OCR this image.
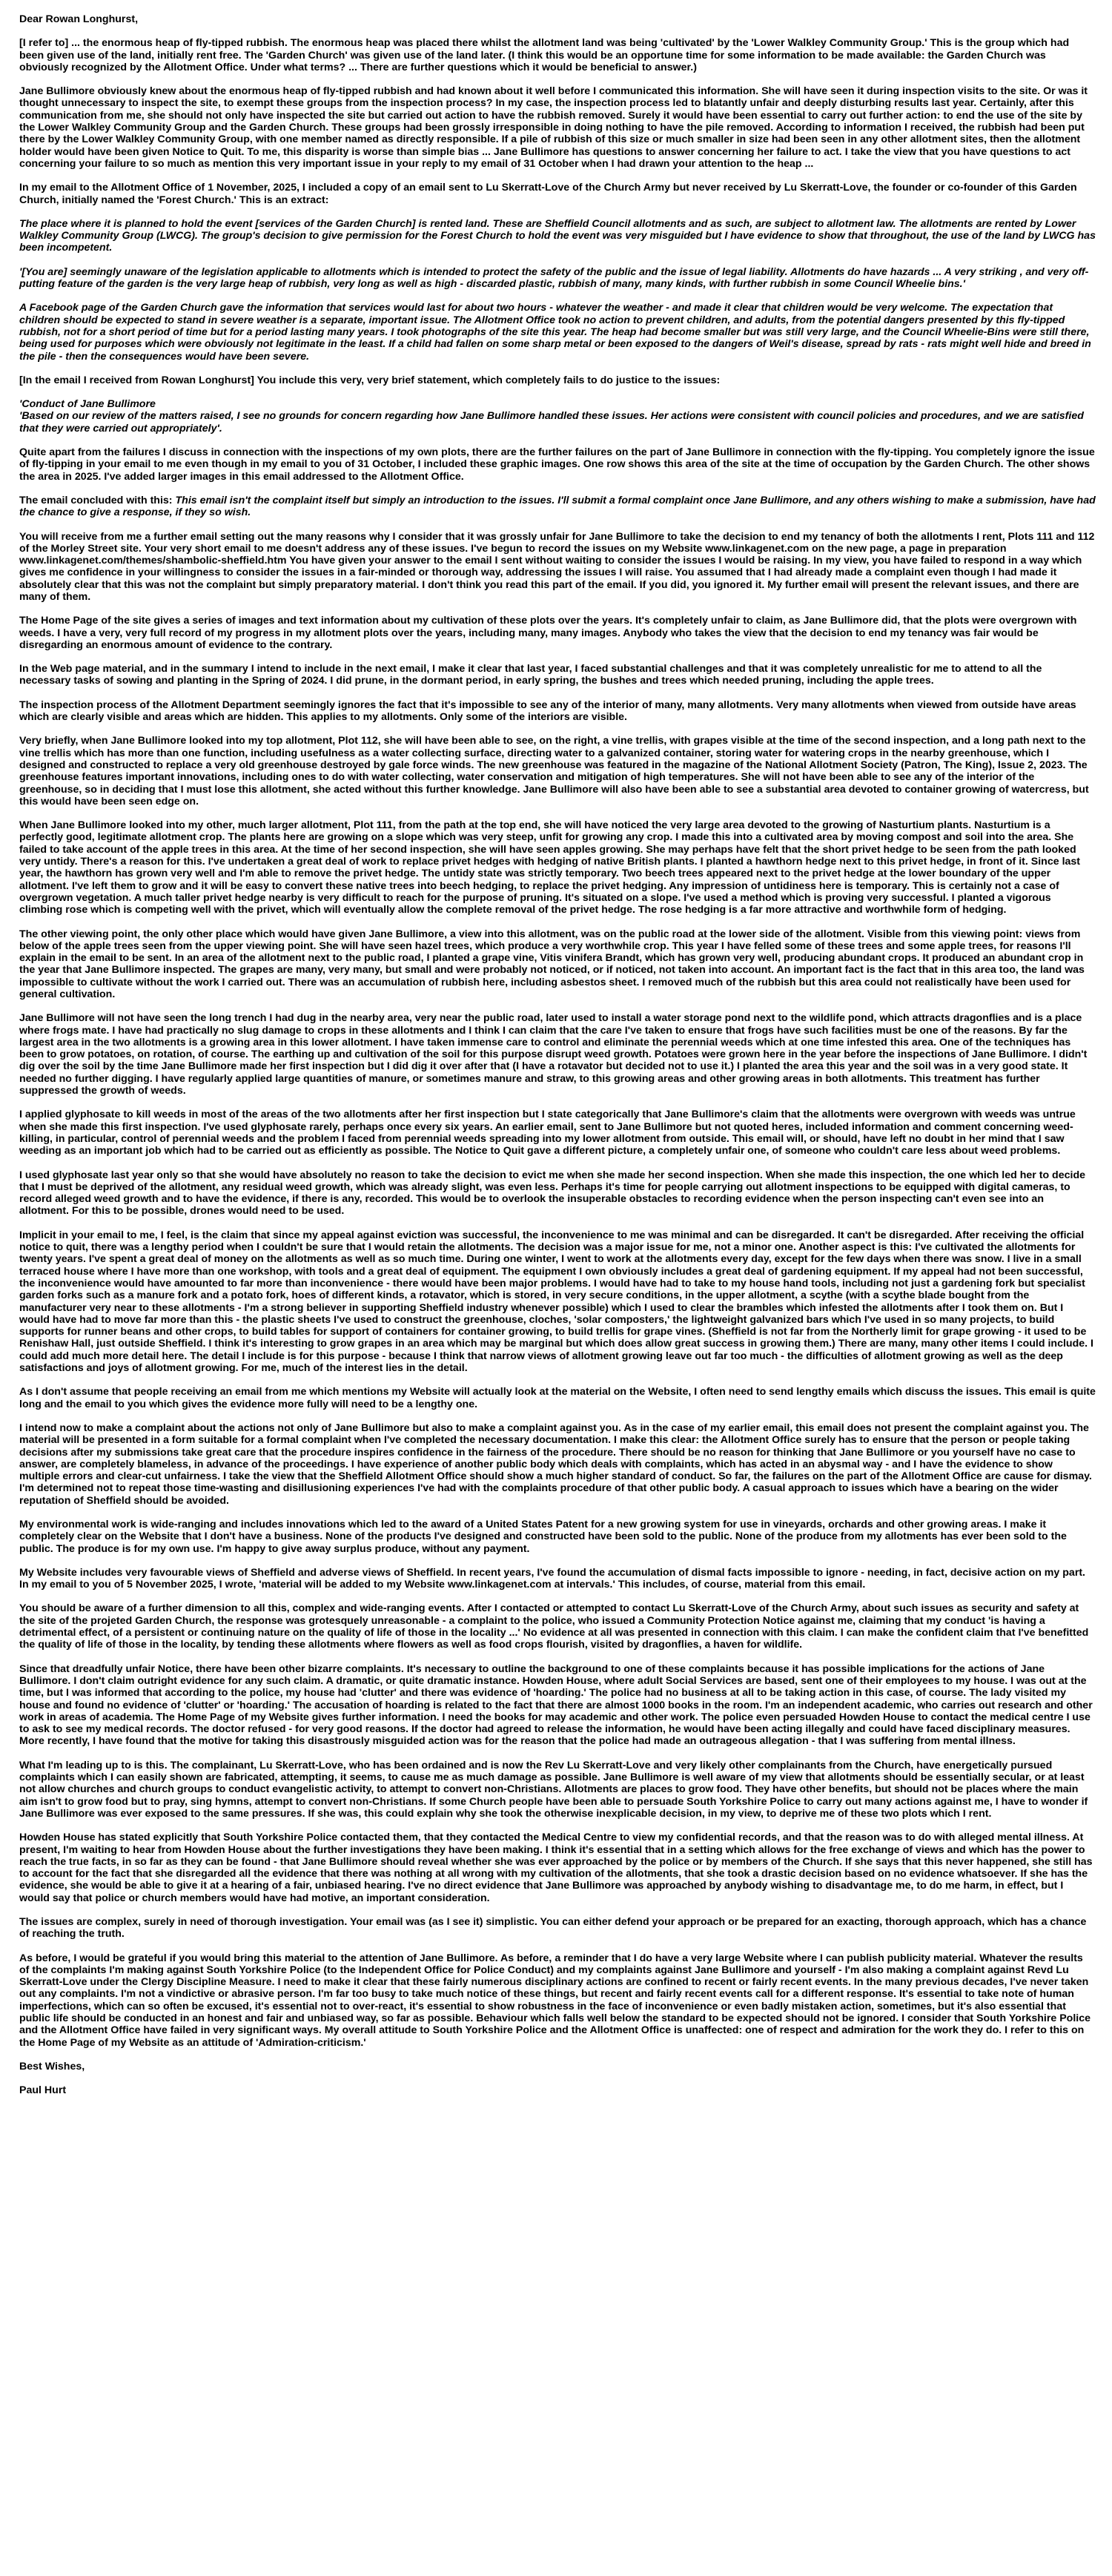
Dear Rowan Longhurst,

[I refer to] ... the enormous heap of fly-tipped rubbish. The enormous heap was placed there whilst the allotment land was being 'cultivated' by the 'Lower Walkley Community Group.' This is the group which had been given use of the land, initially rent free. The 'Garden Church' was given use of the land later. (I think this would be an opportune time for some information to be made available: the Garden Church was obviously recognized by the Allotment Office. Under what terms? ... There are further questions which it would be beneficial to answer.)

Jane Bullimore obviously knew about the enormous heap of fly-tipped rubbish and had known about it well before I communicated this information. She will have seen it during inspection visits to the site. Or was it thought unnecessary to inspect the site, to exempt these groups from the inspection process? In my case, the inspection process led to blatantly unfair and deeply disturbing results last year. Certainly, after this communication from me, she should not only have inspected the site but carried out action to have the rubbish removed. Surely it would have been essential to carry out further action: to end the use of the site by the Lower Walkley Community Group and the Garden Church. These groups had been grossly irresponsible in doing nothing to have the pile removed. According to information I received, the rubbish had been put there by the Lower Walkley Community Group, with one member named as directly responsible. If a pile of rubbish of this size or much smaller in size had been seen in any other allotment sites, then the allotment holder would have been given Notice to Quit. To me, this disparity is worse than simple bias ... Jane Bullimore has questions to answer concerning her failure to act. I take the view that you have questions to act concerning your failure to so much as mention this very important issue in your reply to my email of 31 October when I had drawn your attention to the heap ...

In my email to the Allotment Office of 1 November, 2025, I included a copy of an email sent to Lu Skerratt-Love of the Church Army but never received by Lu Skerratt-Love, the founder or co-founder of this Garden Church, initially named the 'Forest Church.' This is an extract:

The place where it is planned to hold the event [services of the Garden Church] is rented land. These are Sheffield Council allotments and as such, are subject to allotment law. The allotments are rented by Lower Walkley Community Group (LWCG). The group's decision to give permission for the Forest Church to hold the event was very misguided but I have evidence to show that throughout, the use of the land by LWCG has been incompetent.

'[You are] seemingly unaware of the legislation applicable to allotments which is intended to protect the safety of the public and the issue of legal liability. Allotments do have hazards ... A very striking , and very off-putting feature of the garden is the very large heap of rubbish, very long as well as high - discarded plastic, rubbish of many, many kinds, with further rubbish in some Council Wheelie bins.'

A Facebook page of the Garden Church gave the information that services would last for about two hours - whatever the weather - and made it clear that children would be very welcome. The expectation that children should be expected to stand in severe weather is a separate, important issue. The Allotment Office took no action to prevent children, and adults, from the potential dangers presented by this fly-tipped rubbish, not for a short period of time but for a period lasting many years. I took photographs of the site this year. The heap had become smaller but was still very large, and the Council Wheelie-Bins were still there, being used for purposes which were obviously not legitimate in the least. If a child had fallen on some sharp metal or been exposed to the dangers of Weil's disease, spread by rats - rats might well hide and breed in the pile - then the consequences would have been severe.

[In the email I received from Rowan Longhurst] You include this very, very brief statement, which completely fails to do justice to the issues:

'Conduct of Jane Bullimore

'Based on our review of the matters raised, I see no grounds for concern regarding how Jane Bullimore handled these issues. Her actions were consistent with council policies and procedures, and we are satisfied that they were carried out appropriately'.

Quite apart from the failures I discuss in connection with the inspections of my own plots, there are the further failures on the part of Jane Bullimore in connection with the fly-tipping. You completely ignore the issue of fly-tipping in your email to me even though in my email to you of 31 October, I included these graphic images. One row shows this area of the site at the time of occupation by the Garden Church. The other shows the area in 2025. I've added larger images in this email addressed to the Allotment Office.

The email concluded with this: This email isn't the complaint itself but simply an introduction to the issues. I'll submit a formal complaint once Jane Bullimore, and any others wishing to make a submission, have had the chance to give a response, if they so wish.

You will receive from me a further email setting out the many reasons why I consider that it was grossly unfair for Jane Bullimore to take the decision to end my tenancy of both the allotments I rent, Plots 111 and 112 of the Morley Street site. Your very short email to me doesn't address any of these issues. I've begun to record the issues on my Website www.linkagenet.com on the new page, a page in preparation www.linkagenet.com/themes/shambolic-sheffield.htm You have given your answer to the email I sent without waiting to consider the issues I would be raising. In my view, you have failed to respond in a way which gives me confidence in your willingness to consider the issues in a fair-minded or thorough way, addressing the issues I will raise. You assumed that I had already made a complaint even though I had made it absolutely clear that this was not the complaint but simply preparatory material. I don't think you read this part of the email. If you did, you ignored it. My further email will present the relevant issues, and there are many of them.

The Home Page of the site gives a series of images and text information about my cultivation of these plots over the years. It's completely unfair to claim, as Jane Bullimore did, that the plots were overgrown with weeds. I have a very, very full record of my progress in my allotment plots over the years, including many, many images. Anybody who takes the view that the decision to end my tenancy was fair would be disregarding an enormous amount of evidence to the contrary.

In the Web page material, and in the summary I intend to include in the next email, I make it clear that last year, I faced substantial challenges and that it was completely unrealistic for me to attend to all the necessary tasks of sowing and planting in the Spring of 2024. I did prune, in the dormant period, in early spring, the bushes and trees which needed pruning, including the apple trees.

The inspection process of the Allotment Department seemingly ignores the fact that it's impossible to see any of the interior of many, many allotments. Very many allotments when viewed from outside have areas which are clearly visible and areas which are hidden. This applies to my allotments. Only some of the interiors are visible.

Very briefly, when Jane Bullimore looked into my top allotment, Plot 112, she will have been able to see, on the right, a vine trellis, with grapes visible at the time of the second inspection, and a long path next to the vine trellis which has more than one function, including usefulness as a water collecting surface, directing water to a galvanized container, storing water for watering crops in the nearby greenhouse, which I designed and constructed to replace a very old greenhouse destroyed by gale force winds. The new greenhouse was featured in the magazine of the National Allotment Society (Patron, The King), Issue 2, 2023. The greenhouse features important innovations, including ones to do with water collecting, water conservation and mitigation of high temperatures. She will not have been able to see any of the interior of the greenhouse, so in deciding that I must lose this allotment, she acted without this further knowledge. Jane Bullimore will also have been able to see a substantial area devoted to container growing of watercress, but this would have been seen edge on.

When Jane Bullimore looked into my other, much larger allotment, Plot 111, from the path at the top end, she will have noticed the very large area devoted to the growing of Nasturtium plants. Nasturtium is a perfectly good, legitimate allotment crop. The plants here are growing on a slope which was very steep, unfit for growing any crop. I made this into a cultivated area by moving compost and soil into the area. She failed to take account of the apple trees in this area. At the time of her second inspection, she will have seen apples growing. She may perhaps have felt that the short privet hedge to be seen from the path looked very untidy. There's a reason for this. I've undertaken a great deal of work to replace privet hedges with hedging of native British plants. I planted a hawthorn hedge next to this privet hedge, in front of it. Since last year, the hawthorn has grown very well and I'm able to remove the privet hedge. The untidy state was strictly temporary. Two beech trees appeared next to the privet hedge at the lower boundary of the upper allotment. I've left them to grow and it will be easy to convert these native trees into beech hedging, to replace the privet hedging. Any impression of untidiness here is temporary. This is certainly not a case of overgrown vegetation. A much taller privet hedge nearby is very difficult to reach for the purpose of pruning. It's situated on a slope. I've used a method which is proving very successful. I planted a vigorous climbing rose which is competing well with the privet, which will eventually allow the complete removal of the privet hedge. The rose hedging is a far more attractive and worthwhile form of hedging.

The other viewing point, the only other place which would have given Jane Bullimore, a view into this allotment, was on the public road at the lower side of the allotment. Visible from this viewing point: views from below of the apple trees seen from the upper viewing point. She will have seen hazel trees, which produce a very worthwhile crop. This year I have felled some of these trees and some apple trees, for reasons I'll explain in the email to be sent. In an area of the allotment next to the public road, I planted a grape vine, Vitis vinifera Brandt, which has grown very well, producing abundant crops. It produced an abundant crop in the year that Jane Bullimore inspected. The grapes are many, very many, but small and were probably not noticed, or if noticed, not taken into account. An important fact is the fact that in this area too, the land was impossible to cultivate without the work I carried out. There was an accumulation of rubbish here, including asbestos sheet. I removed much of the rubbish but this area could not realistically have been used for general cultivation.

Jane Bullimore will not have seen the long trench I had dug in the nearby area, very near the public road, later used to install a water storage pond next to the wildlife pond, which attracts dragonflies and is a place where frogs mate. I have had practically no slug damage to crops in these allotments and I think I can claim that the care I've taken to ensure that frogs have such facilities must be one of the reasons. By far the largest area in the two allotments is a growing area in this lower allotment. I have taken immense care to control and eliminate the perennial weeds which at one time infested this area. One of the techniques has been to grow potatoes, on rotation, of course. The earthing up and cultivation of the soil for this purpose disrupt weed growth. Potatoes were grown here in the year before the inspections of Jane Bullimore. I didn't dig over the soil by the time Jane Bullimore made her first inspection but I did dig it over after that (I have a rotavator but decided not to use it.) I planted the area this year and the soil was in a very good state. It needed no further digging. I have regularly applied large quantities of manure, or sometimes manure and straw, to this growing areas and other growing areas in both allotments. This treatment has further suppressed the growth of weeds.

I applied glyphosate to kill weeds in most of the areas of the two allotments after her first inspection but I state categorically that Jane Bullimore's claim that the allotments were overgrown with weeds was untrue when she made this first inspection. I've used glyphosate rarely, perhaps once every six years. An earlier email, sent to Jane Bullimore but not quoted heres, included information and comment concerning weed-killing, in particular, control of perennial weeds and the problem I faced from perennial weeds spreading into my lower allotment from outside. This email will, or should, have left no doubt in her mind that I saw weeding as an important job which had to be carried out as efficiently as possible. The Notice to Quit gave a different picture, a completely unfair one, of someone who couldn't care less about weed problems.

I used glyphosate last year only so that she would have absolutely no reason to take the decision to evict me when she made her second inspection. When she made this inspection, the one which led her to decide that I must be deprived of the allotment, any residual weed growth, which was already slight, was even less. Perhaps it's time for people carrying out allotment inspections to be equipped with digital cameras, to record alleged weed growth and to have the evidence, if there is any, recorded. This would be to overlook the insuperable obstacles to recording evidence when the person inspecting can't even see into an allotment. For this to be possible, drones would need to be used.

Implicit in your email to me, I feel, is the claim that since my appeal against eviction was successful, the inconvenience to me was minimal and can be disregarded. It can't be disregarded. After receiving the official notice to quit, there was a lengthy period when I couldn't be sure that I would retain the allotments. The decision was a major issue for me, not a minor one. Another aspect is this: I've cultivated the allotments for twenty years. I've spent a great deal of money on the allotments as well as so much time. During one winter, I went to work at the allotments every day, except for the few days when there was snow. I live in a small terraced house where I have more than one workshop, with tools and a great deal of equipment. The equipment I own obviously includes a great deal of gardening equipment. If my appeal had not been successful, the inconvenience would have amounted to far more than inconvenience - there would have been major problems. I would have had to take to my house hand tools, including not just a gardening fork but specialist garden forks such as a manure fork and a potato fork, hoes of different kinds, a rotavator, which is stored, in very secure conditions, in the upper allotment, a scythe (with a scythe blade bought from the manufacturer very near to these allotments - I'm a strong believer in supporting Sheffield industry whenever possible) which I used to clear the brambles which infested the allotments after I took them on. But I would have had to move far more than this - the plastic sheets I've used to construct the greenhouse, cloches, 'solar composters,' the lightweight galvanized bars which I've used in so many projects, to build supports for runner beans and other crops, to build tables for support of containers for container growing, to build trellis for grape vines. (Sheffield is not far from the Northerly limit for grape growing - it used to be Renishaw Hall, just outside Sheffield. I think it's interesting to grow grapes in an area which may be marginal but which does allow great success in growing them.) There are many, many other items I could include. I could add much more detail here. The detail I include is for this purpose - because I think that narrow views of allotment growing leave out far too much - the difficulties of allotment growing as well as the deep satisfactions and joys of allotment growing. For me, much of the interest lies in the detail.

As I don't assume that people receiving an email from me which mentions my Website will actually look at the material on the Website, I often need to send lengthy emails which discuss the issues. This email is quite long and the email to you which gives the evidence more fully will need to be a lengthy one.

I intend now to make a complaint about the actions not only of Jane Bullimore but also to make a complaint against you. As in the case of my earlier email, this email does not present the complaint against you. The material will be presented in a form suitable for a formal complaint when I've completed the necessary documentation. I make this clear: the Allotment Office surely has to ensure that the person or people taking decisions after my submissions take great care that the procedure inspires confidence in the fairness of the procedure. There should be no reason for thinking that Jane Bullimore or you yourself have no case to answer, are completely blameless, in advance of the proceedings. I have experience of another public body which deals with complaints, which has acted in an abysmal way - and I have the evidence to show multiple errors and clear-cut unfairness. I take the view that the Sheffield Allotment Office should show a much higher standard of conduct. So far, the failures on the part of the Allotment Office are cause for dismay. I'm determined not to repeat those time-wasting and disillusioning experiences I've had with the complaints procedure of that other public body. A casual approach to issues which have a bearing on the wider reputation of Sheffield should be avoided.

My environmental work is wide-ranging and includes innovations which led to the award of a United States Patent for a new growing system for use in vineyards, orchards and other growing areas. I make it completely clear on the Website that I don't have a business. None of the products I've designed and constructed have been sold to the public. None of the produce from my allotments has ever been sold to the public. The produce is for my own use. I'm happy to give away surplus produce, without any payment.

My Website includes very favourable views of Sheffield and adverse views of Sheffield. In recent years, I've found the accumulation of dismal facts impossible to ignore - needing, in fact, decisive action on my part. In my email to you of 5 November 2025, I wrote, 'material will be added to my Website www.linkagenet.com at intervals.' This includes, of course, material from this email.

You should be aware of a further dimension to all this, complex and wide-ranging events. After I contacted or attempted to contact Lu Skerratt-Love of the Church Army, about such issues as security and safety at the site of the projeted Garden Church, the response was grotesquely unreasonable - a complaint to the police, who issued a Community Protection Notice against me, claiming that my conduct 'is having a detrimental effect, of a persistent or continuing nature on the quality of life of those in the locality ...' No evidence at all was presented in connection with this claim. I can make the confident claim that I've benefitted the quality of life of those in the locality, by tending these allotments where flowers as well as food crops flourish, visited by dragonflies, a haven for wildlife.

Since that dreadfully unfair Notice, there have been other bizarre complaints. It's necessary to outline the background to one of these complaints because it has possible implications for the actions of Jane Bullimore. I don't claim outright evidence for any such claim. A dramatic, or quite dramatic instance. Howden House, where adult Social Services are based, sent one of their employees to my house. I was out at the time, but I was informed that according to the police, my house had 'clutter' and there was evidence of 'hoarding.' The police had no business at all to be taking action in this case, of course. The lady visited my house and found no evidence of 'clutter' or 'hoarding.' The accusation of hoarding is related to the fact that there are almost 1000 books in the room. I'm an independent academic, who carries out research and other work in areas of academia. The Home Page of my Website gives further information. I need the books for may academic and other work. The police even persuaded Howden House to contact the medical centre I use to ask to see my medical records. The doctor refused - for very good reasons. If the doctor had agreed to release the information, he would have been acting illegally and could have faced disciplinary measures. More recently, I have found that the motive for taking this disastrously misguided action was for the reason that the police had made an outrageous allegation - that I was suffering from mental illness.

What I'm leading up to is this. The complainant, Lu Skerratt-Love, who has been ordained and is now the Rev Lu Skerratt-Love and very likely other complainants from the Church, have energetically pursued complaints which I can easily shown are fabricated, attempting, it seems, to cause me as much damage as possible. Jane Bullimore is well aware of my view that allotments should be essentially secular, or at least not allow churches and church groups to conduct evangelistic activity, to attempt to convert non-Christians. Allotments are places to grow food. They have other benefits, but should not be places where the main aim isn't to grow food but to pray, sing hymns, attempt to convert non-Christians. If some Church people have been able to persuade South Yorkshire Police to carry out many actions against me, I have to wonder if Jane Bullimore was ever exposed to the same pressures. If she was, this could explain why she took the otherwise inexplicable decision, in my view, to deprive me of these two plots which I rent.

Howden House has stated explicitly that South Yorkshire Police contacted them, that they contacted the Medical Centre to view my confidential records, and that the reason was to do with alleged mental illness. At present, I'm waiting to hear from Howden House about the further investigations they have been making. I think it's essential that in a setting which allows for the free exchange of views and which has the power to reach the true facts, in so far as they can be found - that Jane Bullimore should reveal whether she was ever approached by the police or by members of the Church. If she says that this never happened, she still has to account for the fact that she disregarded all the evidence that there was nothing at all wrong with my cultivation of the allotments, that she took a drastic decision based on no evidence whatsoever. If she has the evidence, she would be able to give it at a hearing of a fair, unbiased hearing. I've no direct evidence that Jane Bullimore was approached by anybody wishing to disadvantage me, to do me harm, in effect, but I would say that police or church members would have had motive, an important consideration.

The issues are complex, surely in need of thorough investigation. Your email was (as I see it) simplistic. You can either defend your approach or be prepared for an exacting, thorough approach, which has a chance of reaching the truth.

As before, I would be grateful if you would bring this material to the attention of Jane Bullimore. As before, a reminder that I do have a very large Website where I can publish publicity material. Whatever the results of the complaints I'm making against South Yorkshire Police (to the Independent Office for Police Conduct) and my complaints against Jane Bullimore and yourself - I'm also making a complaint against Revd Lu Skerratt-Love under the Clergy Discipline Measure. I need to make it clear that these fairly numerous disciplinary actions are confined to recent or fairly recent events. In the many previous decades, I've never taken out any complaints. I'm not a vindictive or abrasive person. I'm far too busy to take much notice of these things, but recent and fairly recent events call for a different response. It's essential to take note of human imperfections, which can so often be excused, it's essential not to over-react, it's essential to show robustness in the face of inconvenience or even badly mistaken action, sometimes, but it's also essential that public life should be conducted in an honest and fair and unbiased way, so far as possible. Behaviour which falls well below the standard to be expected should not be ignored. I consider that South Yorkshire Police and the Allotment Office have failed in very significant ways. My overall attitude to South Yorkshire Police and the Allotment Office is unaffected: one of respect and admiration for the work they do. I refer to this on the Home Page of my Website as an attitude of 'Admiration-criticism.'

Best Wishes,

Paul Hurt
